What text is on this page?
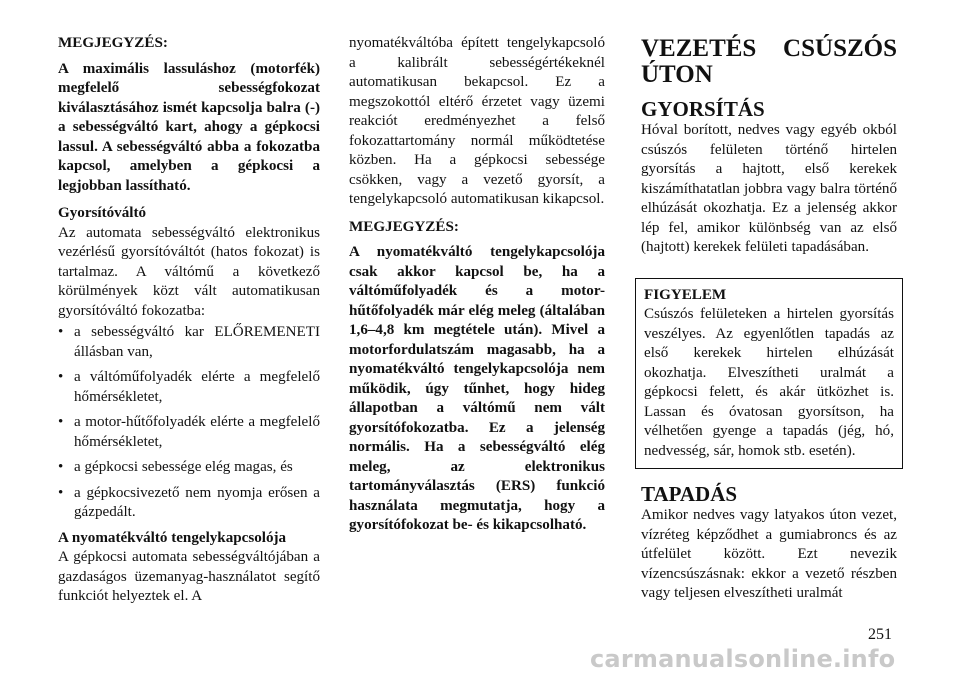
MEGJEGYZÉS:

A maximális lassuláshoz (motorfék) megfelelő sebességfokozat kiválasztásához ismét kapcsolja balra (-) a sebességváltó kart, ahogy a gépkocsi lassul. A sebességváltó abba a fokozatba kapcsol, amelyben a gépkocsi a legjobban lassítható.

Gyorsítóváltó

Az automata sebességváltó elektronikus vezérlésű gyorsítóváltót (hatos fokozat) is tartalmaz. A váltómű a következő körülmények közt vált automatikusan gyorsítóváltó fokozatba:

• a sebességváltó kar ELŐREMENETI állásban van,
• a váltóműfolyadék elérte a megfelelő hőmérsékletet,
• a motor-hűtőfolyadék elérte a megfelelő hőmérsékletet,
• a gépkocsi sebessége elég magas, és
• a gépkocsivezető nem nyomja erősen a gázpedált.

A nyomatékváltó tengelykapcsolója

A gépkocsi automata sebességváltójában a gazdaságos üzemanyag-használatot segítő funkciót helyeztek el. A

nyomatékváltóba épített tengelykapcsoló a kalibrált sebességértékeknél automatikusan bekapcsol. Ez a megszokottól eltérő érzetet vagy üzemi reakciót eredményezhet a felső fokozattartomány normál működtetése közben. Ha a gépkocsi sebessége csökken, vagy a vezető gyorsít, a tengelykapcsoló automatikusan kikapcsol.

MEGJEGYZÉS:

A nyomatékváltó tengelykapcsolója csak akkor kapcsol be, ha a váltóműfolyadék és a motor-hűtőfolyadék már elég meleg (általában 1,6–4,8 km megtétele után). Mivel a motorfordulatszám magasabb, ha a nyomatékváltó tengelykapcsolója nem működik, úgy tűnhet, hogy hideg állapotban a váltómű nem vált gyorsítófokozatba. Ez a jelenség normális. Ha a sebességváltó elég meleg, az elektronikus tartományválasztás (ERS) funkció használata megmutatja, hogy a gyorsítófokozat be- és kikapcsolható.

VEZETÉS CSÚSZÓS ÚTON

GYORSÍTÁS

Hóval borított, nedves vagy egyéb okból csúszós felületen történő hirtelen gyorsítás a hajtott, első kerekek kiszámíthatatlan jobbra vagy balra történő elhúzását okozhatja. Ez a jelenség akkor lép fel, amikor különbség van az első (hajtott) kerekek felületi tapadásában.

FIGYELEM

Csúszós felületeken a hirtelen gyorsítás veszélyes. Az egyenlőtlen tapadás az első kerekek hirtelen elhúzását okozhatja. Elveszítheti uralmát a gépkocsi felett, és akár ütközhet is. Lassan és óvatosan gyorsítson, ha vélhetően gyenge a tapadás (jég, hó, nedvesség, sár, homok stb. esetén).

TAPADÁS

Amikor nedves vagy latyakos úton vezet, vízréteg képződhet a gumiabroncs és az útfelület között. Ezt nevezik vízencsúszásnak: ekkor a vezető részben vagy teljesen elveszítheti uralmát

251
carmanualsonline.info
